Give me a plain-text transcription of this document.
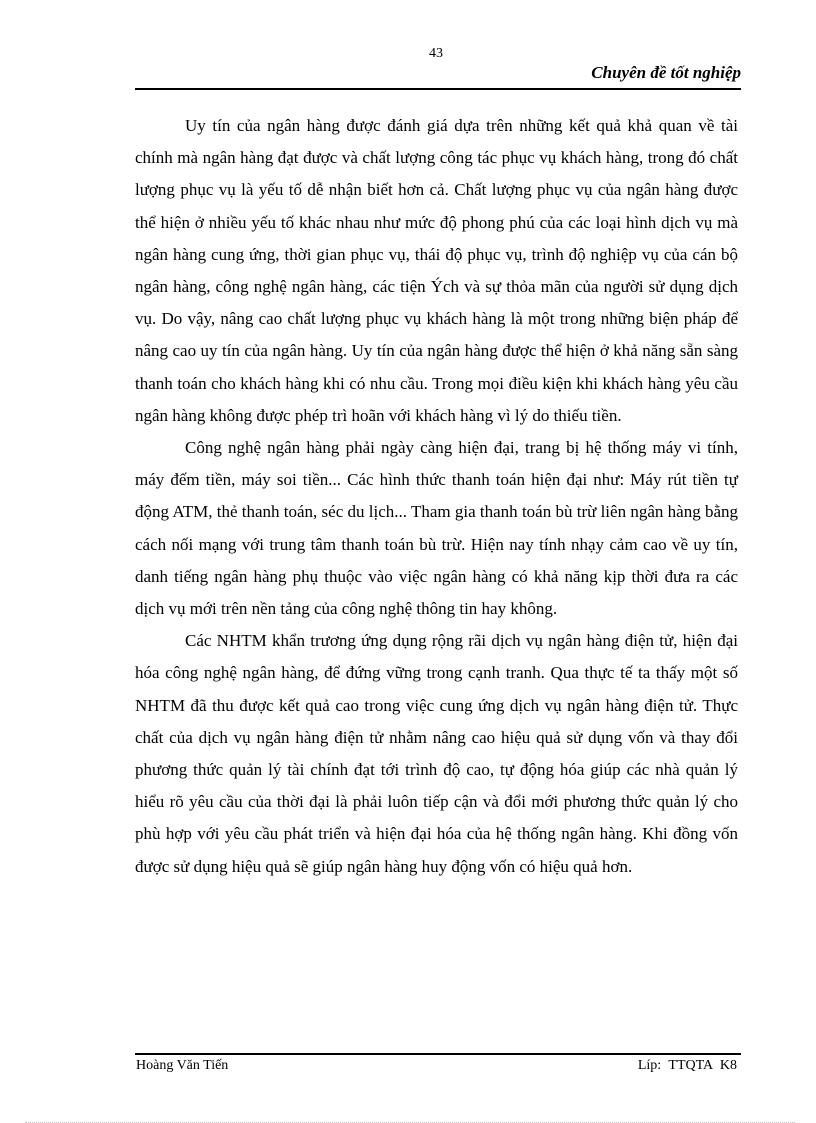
43
Chuyên đề tốt nghiệp

Uy tín của ngân hàng được đánh giá dựa trên những kết quả khả quan về tài chính mà ngân hàng đạt được và chất lượng công tác phục vụ khách hàng, trong đó chất lượng phục vụ là yếu tố dễ nhận biết hơn cả. Chất lượng phục vụ của ngân hàng được thể hiện ở nhiều yếu tố khác nhau như mức độ phong phú của các loại hình dịch vụ mà ngân hàng cung ứng, thời gian phục vụ, thái độ phục vụ, trình độ nghiệp vụ của cán bộ ngân hàng, công nghệ ngân hàng, các tiện Ých và sự thỏa mãn của người sử dụng dịch vụ. Do vậy, nâng cao chất lượng phục vụ khách hàng là một trong những biện pháp để nâng cao uy tín của ngân hàng. Uy tín của ngân hàng được thể hiện ở khả năng sẵn sàng thanh toán cho khách hàng khi có nhu cầu. Trong mọi điều kiện khi khách hàng yêu cầu ngân hàng không được phép trì hoãn với khách hàng vì lý do thiếu tiền.

Công nghệ ngân hàng phải ngày càng hiện đại, trang bị hệ thống máy vi tính, máy đếm tiền, máy soi tiền... Các hình thức thanh toán hiện đại như: Máy rút tiền tự động ATM, thẻ thanh toán, séc du lịch... Tham gia thanh toán bù trừ liên ngân hàng bằng cách nối mạng với trung tâm thanh toán bù trừ. Hiện nay tính nhạy cảm cao về uy tín, danh tiếng ngân hàng phụ thuộc vào việc ngân hàng có khả năng kịp thời đưa ra các dịch vụ mới trên nền tảng của công nghệ thông tin hay không.

Các NHTM khẩn trương ứng dụng rộng rãi dịch vụ ngân hàng điện tử, hiện đại hóa công nghệ ngân hàng, để đứng vững trong cạnh tranh. Qua thực tế ta thấy một số NHTM đã thu được kết quả cao trong việc cung ứng dịch vụ ngân hàng điện tử. Thực chất của dịch vụ ngân hàng điện tử nhằm nâng cao hiệu quả sử dụng vốn và thay đổi phương thức quản lý tài chính đạt tới trình độ cao, tự động hóa giúp các nhà quản lý hiểu rõ yêu cầu của thời đại là phải luôn tiếp cận và đổi mới phương thức quản lý cho phù hợp với yêu cầu phát triển và hiện đại hóa của hệ thống ngân hàng. Khi đồng vốn được sử dụng hiệu quả sẽ giúp ngân hàng huy động vốn có hiệu quả hơn.

Hoàng Văn Tiến	Líp: TTQTA K8
